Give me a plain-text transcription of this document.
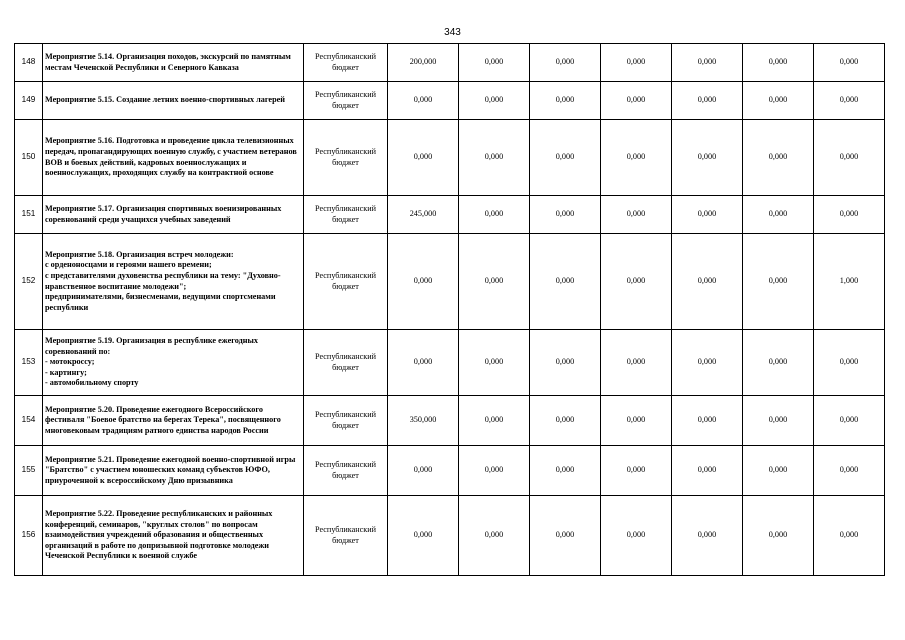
343
148	Мероприятие 5.14. Организация походов, экскурсий по памятным местам Чеченской Республики и Северного Кавказа	Республиканский бюджет	200,000	0,000	0,000	0,000	0,000	0,000	0,000
149	Мероприятие 5.15. Создание летних военно-спортивных лагерей	Республиканский бюджет	0,000	0,000	0,000	0,000	0,000	0,000	0,000
150	Мероприятие 5.16. Подготовка и проведение цикла телевизионных передач, пропагандирующих военную службу, с участием ветеранов ВОВ и боевых действий, кадровых военнослужащих и военнослужащих, проходящих службу на контрактной основе	Республиканский бюджет	0,000	0,000	0,000	0,000	0,000	0,000	0,000
151	Мероприятие 5.17. Организация спортивных военизированных соревнований среди учащихся учебных заведений	Республиканский бюджет	245,000	0,000	0,000	0,000	0,000	0,000	0,000
152	Мероприятие 5.18. Организация встреч молодежи:
с орденоносцами и героями нашего времени;
с представителями духовенства республики на тему: "Духовно-нравственное воспитание молодежи";
предпринимателями, бизнесменами, ведущими спортсменами республики	Республиканский бюджет	0,000	0,000	0,000	0,000	0,000	0,000	1,000
153	Мероприятие 5.19. Организация в республике ежегодных соревнований по:
- мотокроссу;
- картингу;
- автомобильному спорту	Республиканский бюджет	0,000	0,000	0,000	0,000	0,000	0,000	0,000
154	Мероприятие 5.20. Проведение ежегодного Всероссийского фестиваля "Боевое братство на берегах Терека", посвященного многовековым традициям ратного единства народов России	Республиканский бюджет	350,000	0,000	0,000	0,000	0,000	0,000	0,000
155	Мероприятие 5.21. Проведение ежегодной военно-спортивной игры "Братство" с участием юношеских команд субъектов ЮФО, приуроченной к всероссийскому Дню призывника	Республиканский бюджет	0,000	0,000	0,000	0,000	0,000	0,000	0,000
156	Мероприятие 5.22. Проведение республиканских и районных конференций, семинаров, "круглых столов" по вопросам взаимодействия учреждений образования и общественных организаций в работе по допризывной подготовке молодежи Чеченской Республики к военной службе	Республиканский бюджет	0,000	0,000	0,000	0,000	0,000	0,000	0,000
